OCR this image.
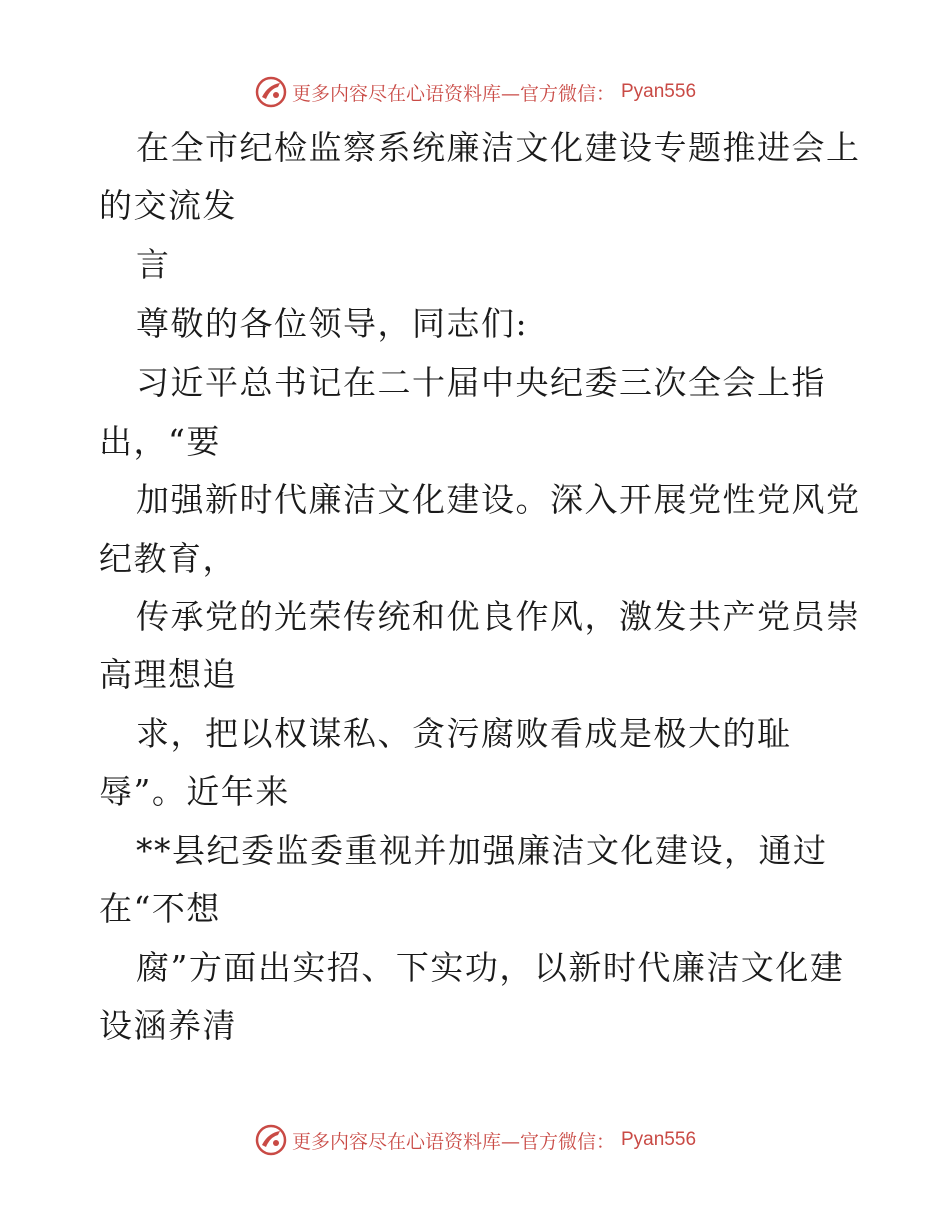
更多内容尽在心语资料库—官方微信： Pyan556
在全市纪检监察系统廉洁文化建设专题推进会上
的交流发
言
尊敬的各位领导，同志们:
习近平总书记在二十届中央纪委三次全会上指
出，“要
加强新时代廉洁文化建设。深入开展党性党风党
纪教育，
传承党的光荣传统和优良作风，激发共产党员崇
高理想追
求，把以权谋私、贪污腐败看成是极大的耻
辱”。近年来
**县纪委监委重视并加强廉洁文化建设，通过
在“不想
腐”方面出实招、下实功，以新时代廉洁文化建
设涵养清
更多内容尽在心语资料库—官方微信： Pyan556
